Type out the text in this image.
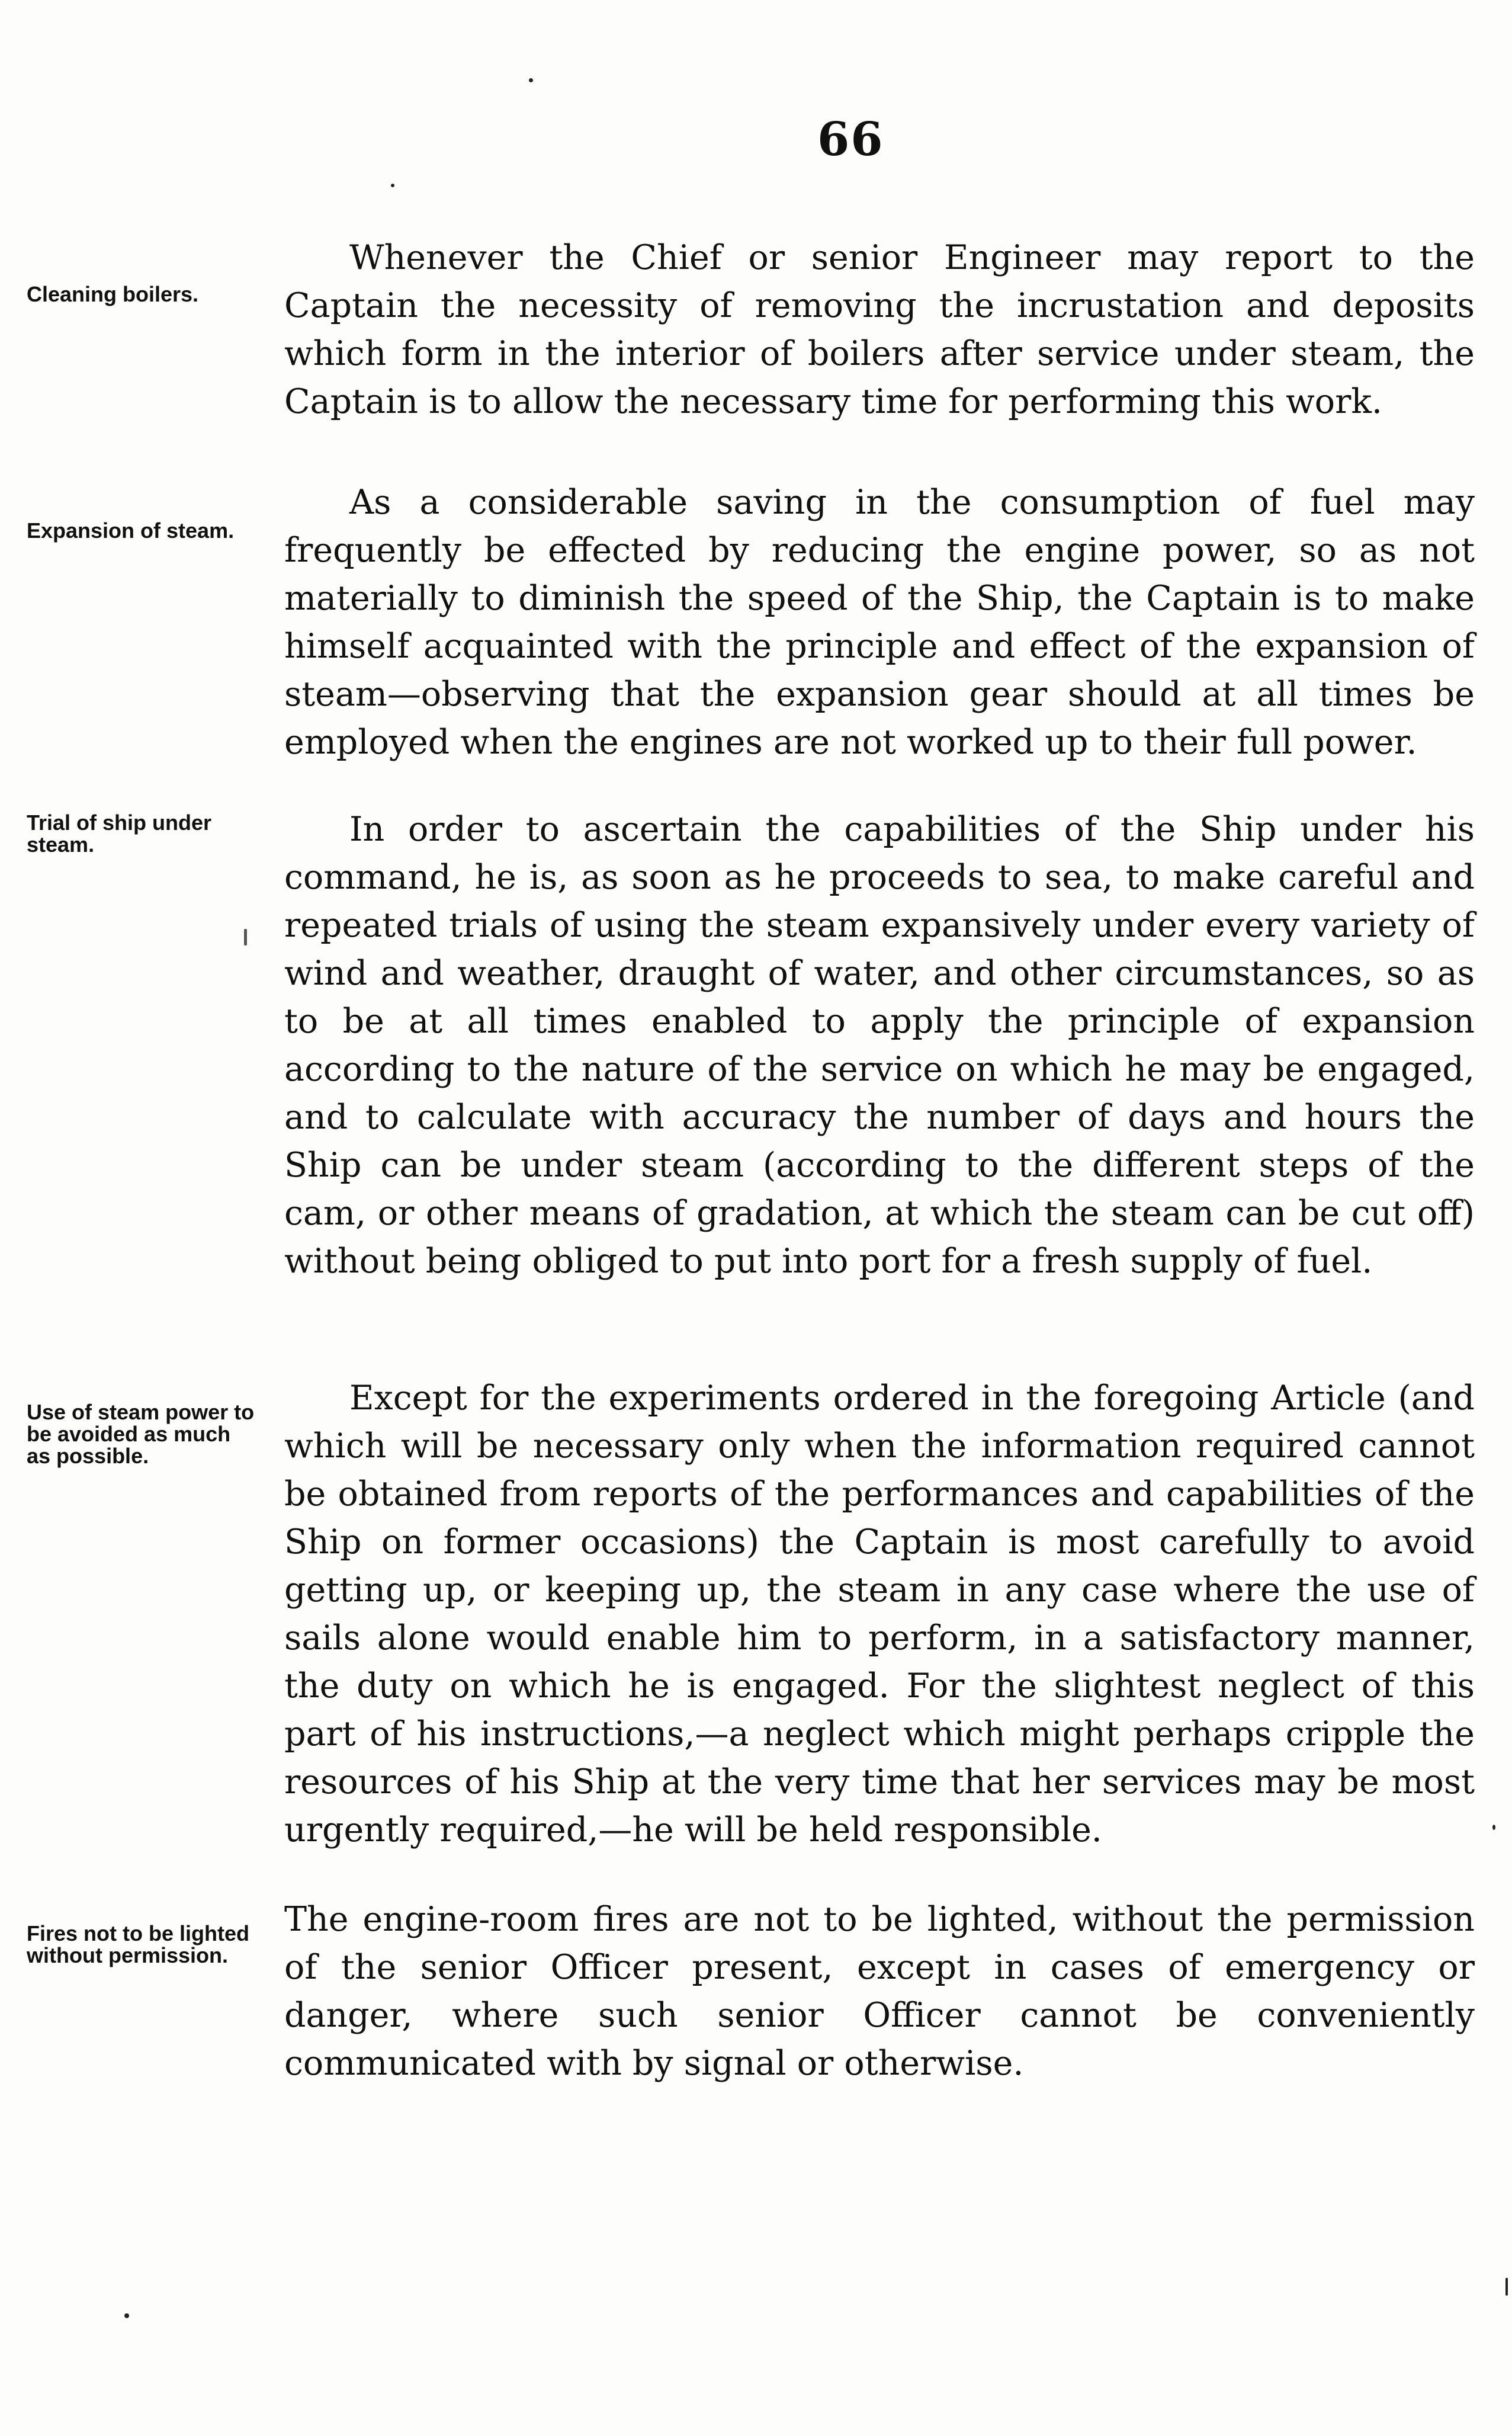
66

Cleaning boilers.

Whenever the Chief or senior Engineer may report to the Captain the necessity of removing the incrustation and deposits which form in the interior of boilers after service under steam, the Captain is to allow the necessary time for performing this work.

Expansion of steam.

As a considerable saving in the consumption of fuel may frequently be effected by reducing the engine power, so as not materially to diminish the speed of the Ship, the Captain is to make himself acquainted with the principle and effect of the expansion of steam—observing that the expansion gear should at all times be employed when the engines are not worked up to their full power.

Trial of ship under steam.	In order to ascertain the capabilities of the Ship under his command, he is, as soon as he proceeds to sea, to make careful and repeated trials of using the steam expansively under every variety of wind and weather, draught of water, and other circumstances, so as to be at all times enabled to apply the principle of expansion according to the nature of the service on which he may be engaged, and to calculate with accuracy the number of days and hours the Ship can be under steam (according to the different steps of the cam, or other means of gradation, at which the steam can be cut off) without being obliged to put into port for a fresh supply of fuel.

Use of steam power to be avoided as much as possible.

Except for the experiments ordered in the foregoing Article (and which will be necessary only when the information required cannot be obtained from reports of the performances and capabilities of the Ship on former occasions) the Captain is most carefully to avoid getting up, or keeping up, the steam in any case where the use of sails alone would enable him to perform, in a satisfactory manner, the duty on which he is engaged. For the slightest neglect of this part of his instructions,—a neglect which might perhaps cripple the resources of his Ship at the very time that her services may be most urgently required,—he will be held responsible.

Fires not to be lighted without permission.

The engine-room fires are not to be lighted, without the permission of the senior Officer present, except in cases of emergency or danger, where such senior Officer cannot be conveniently communicated with by signal or otherwise.
